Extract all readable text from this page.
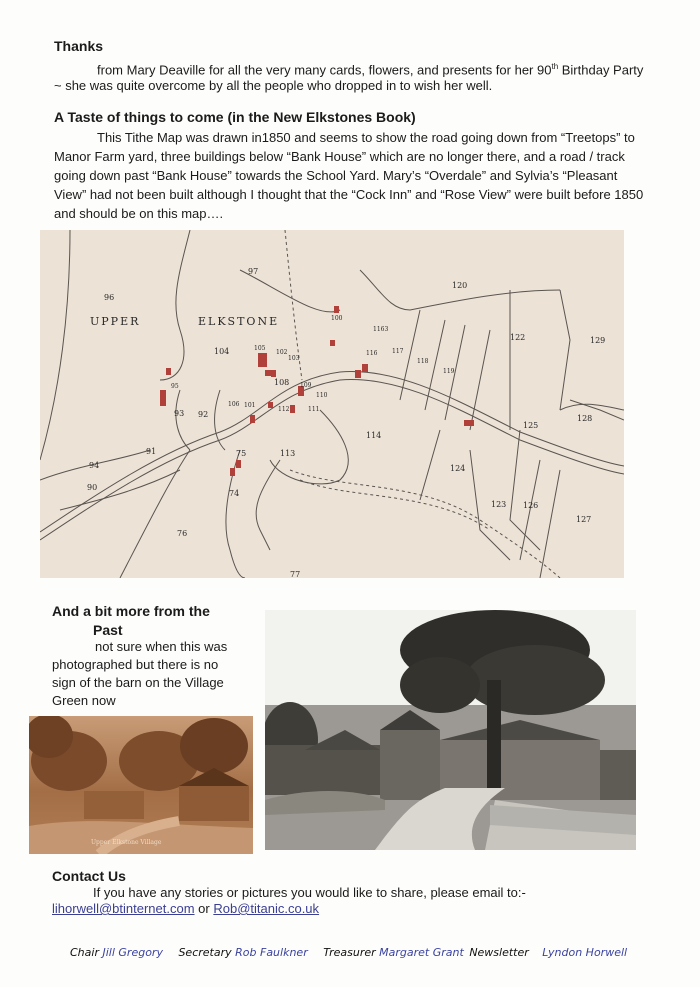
Thanks

from Mary Deaville for all the very many cards, flowers, and presents for her 90th Birthday Party

~ she was quite overcome by all the people who dropped in to wish her well.

A Taste of things to come (in the New Elkstones Book)

This Tithe Map was drawn in1850 and seems to show the road going down from “Treetops” to

Manor Farm yard, three buildings below “Bank House” which are no longer there, and a road / track

going down past “Bank House” towards the School Yard. Mary’s “Overdale” and Sylvia’s “Pleasant

View” had not been built although I thought that the “Cock Inn” and “Rose View” were built before 1850

and should be on this map….

UPPER	ELKSTONE
97
96
120
122	129
100
1163
116 117
118
119
104	105
102
103
108 109
110
112	111
95
93 92
106 101
114
125
128
94
91
90
75	113
124
74
123 126
127
76
77
And a bit more from the
Past

not sure when this was

photographed but there is no

sign of the barn on the Village

Green now

Upper Elkstone Village
Contact Us

If you have any stories or pictures you would like to share, please email to:-

lihorwell@btinternet.com or Rob@titanic.co.uk
Chair Jill Gregory Secretary Rob Faulkner Treasurer Margaret Grant Newsletter Lyndon Horwell
